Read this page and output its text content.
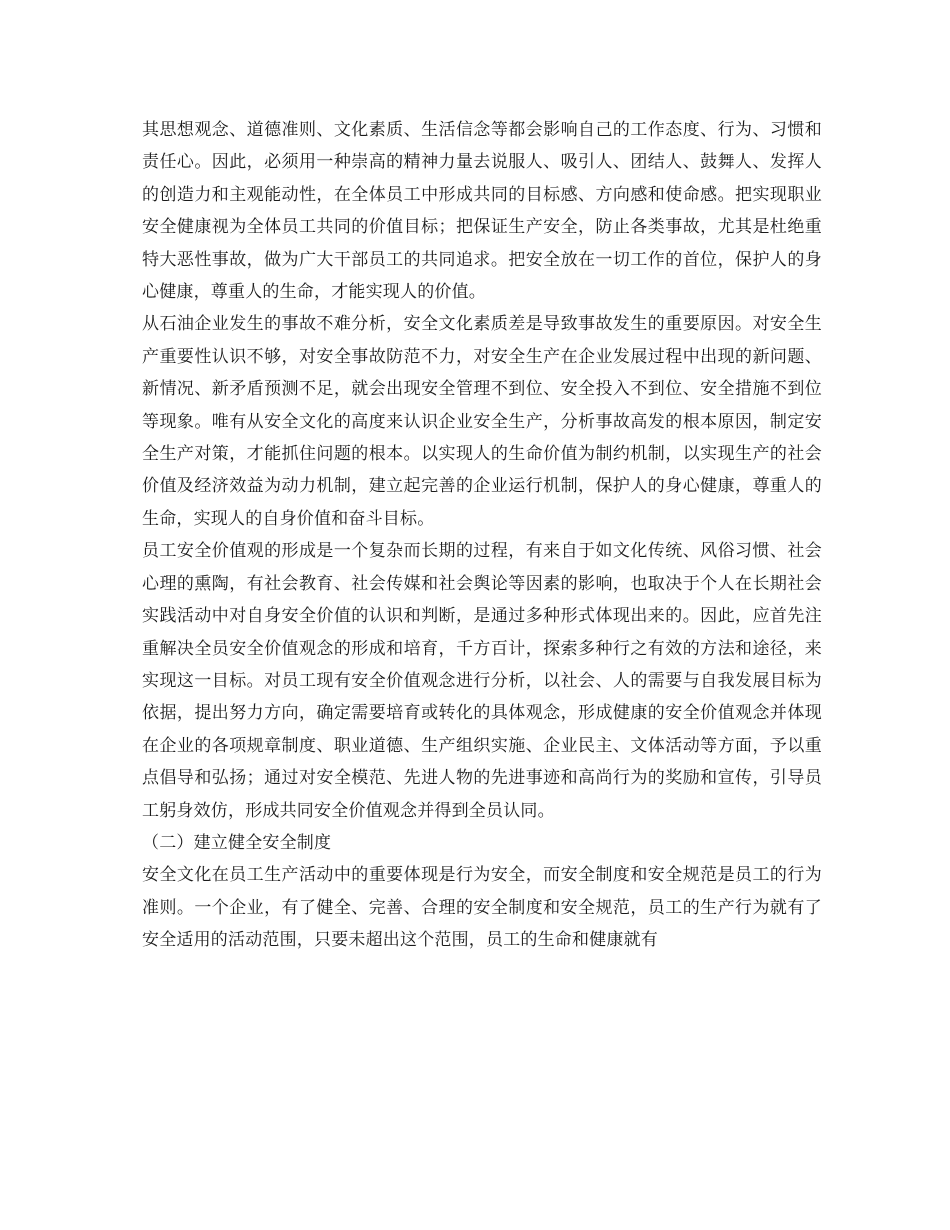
其思想观念、道德准则、文化素质、生活信念等都会影响自己的工作态度、行为、习惯和责任心。因此，必须用一种崇高的精神力量去说服人、吸引人、团结人、鼓舞人、发挥人的创造力和主观能动性，在全体员工中形成共同的目标感、方向感和使命感。把实现职业安全健康视为全体员工共同的价值目标；把保证生产安全，防止各类事故，尤其是杜绝重特大恶性事故，做为广大干部员工的共同追求。把安全放在一切工作的首位，保护人的身心健康，尊重人的生命，才能实现人的价值。

从石油企业发生的事故不难分析，安全文化素质差是导致事故发生的重要原因。对安全生产重要性认识不够，对安全事故防范不力，对安全生产在企业发展过程中出现的新问题、新情况、新矛盾预测不足，就会出现安全管理不到位、安全投入不到位、安全措施不到位等现象。唯有从安全文化的高度来认识企业安全生产，分析事故高发的根本原因，制定安全生产对策，才能抓住问题的根本。以实现人的生命价值为制约机制，以实现生产的社会价值及经济效益为动力机制，建立起完善的企业运行机制，保护人的身心健康，尊重人的生命，实现人的自身价值和奋斗目标。

员工安全价值观的形成是一个复杂而长期的过程，有来自于如文化传统、风俗习惯、社会心理的熏陶，有社会教育、社会传媒和社会舆论等因素的影响，也取决于个人在长期社会实践活动中对自身安全价值的认识和判断，是通过多种形式体现出来的。因此，应首先注重解决全员安全价值观念的形成和培育，千方百计，探索多种行之有效的方法和途径，来实现这一目标。对员工现有安全价值观念进行分析，以社会、人的需要与自我发展目标为依据，提出努力方向，确定需要培育或转化的具体观念，形成健康的安全价值观念并体现在企业的各项规章制度、职业道德、生产组织实施、企业民主、文体活动等方面，予以重点倡导和弘扬；通过对安全模范、先进人物的先进事迹和高尚行为的奖励和宣传，引导员工躬身效仿，形成共同安全价值观念并得到全员认同。

（二）建立健全安全制度

安全文化在员工生产活动中的重要体现是行为安全，而安全制度和安全规范是员工的行为准则。一个企业，有了健全、完善、合理的安全制度和安全规范，员工的生产行为就有了安全适用的活动范围，只要未超出这个范围，员工的生命和健康就有
